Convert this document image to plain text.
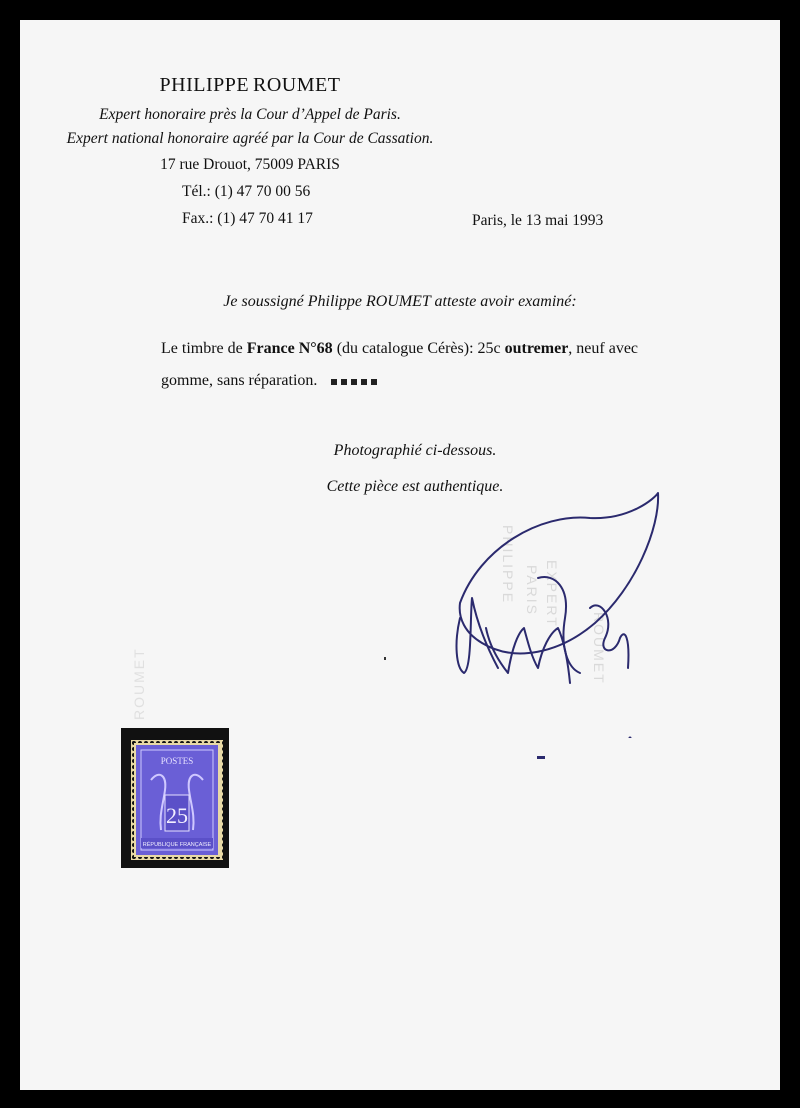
PHILIPPE ROUMET
Expert honoraire près la Cour d’Appel de Paris.
Expert national honoraire agréé par la Cour de Cassation.
17 rue Drouot, 75009 PARIS
Tél.: (1) 47 70 00 56
Fax.: (1) 47 70 41 17	Paris, le 13 mai 1993
Je soussigné Philippe ROUMET atteste avoir examiné:
Le timbre de France N°68 (du catalogue Cérès): 25c outremer, neuf avec
gomme, sans réparation.
Photographié ci-dessous.
Cette pièce est authentique.
PHILIPPE EXPERT
PARIS
ROUMET
ROUMET
POSTES
25
RÉPUBLIQUE FRANÇAISE
